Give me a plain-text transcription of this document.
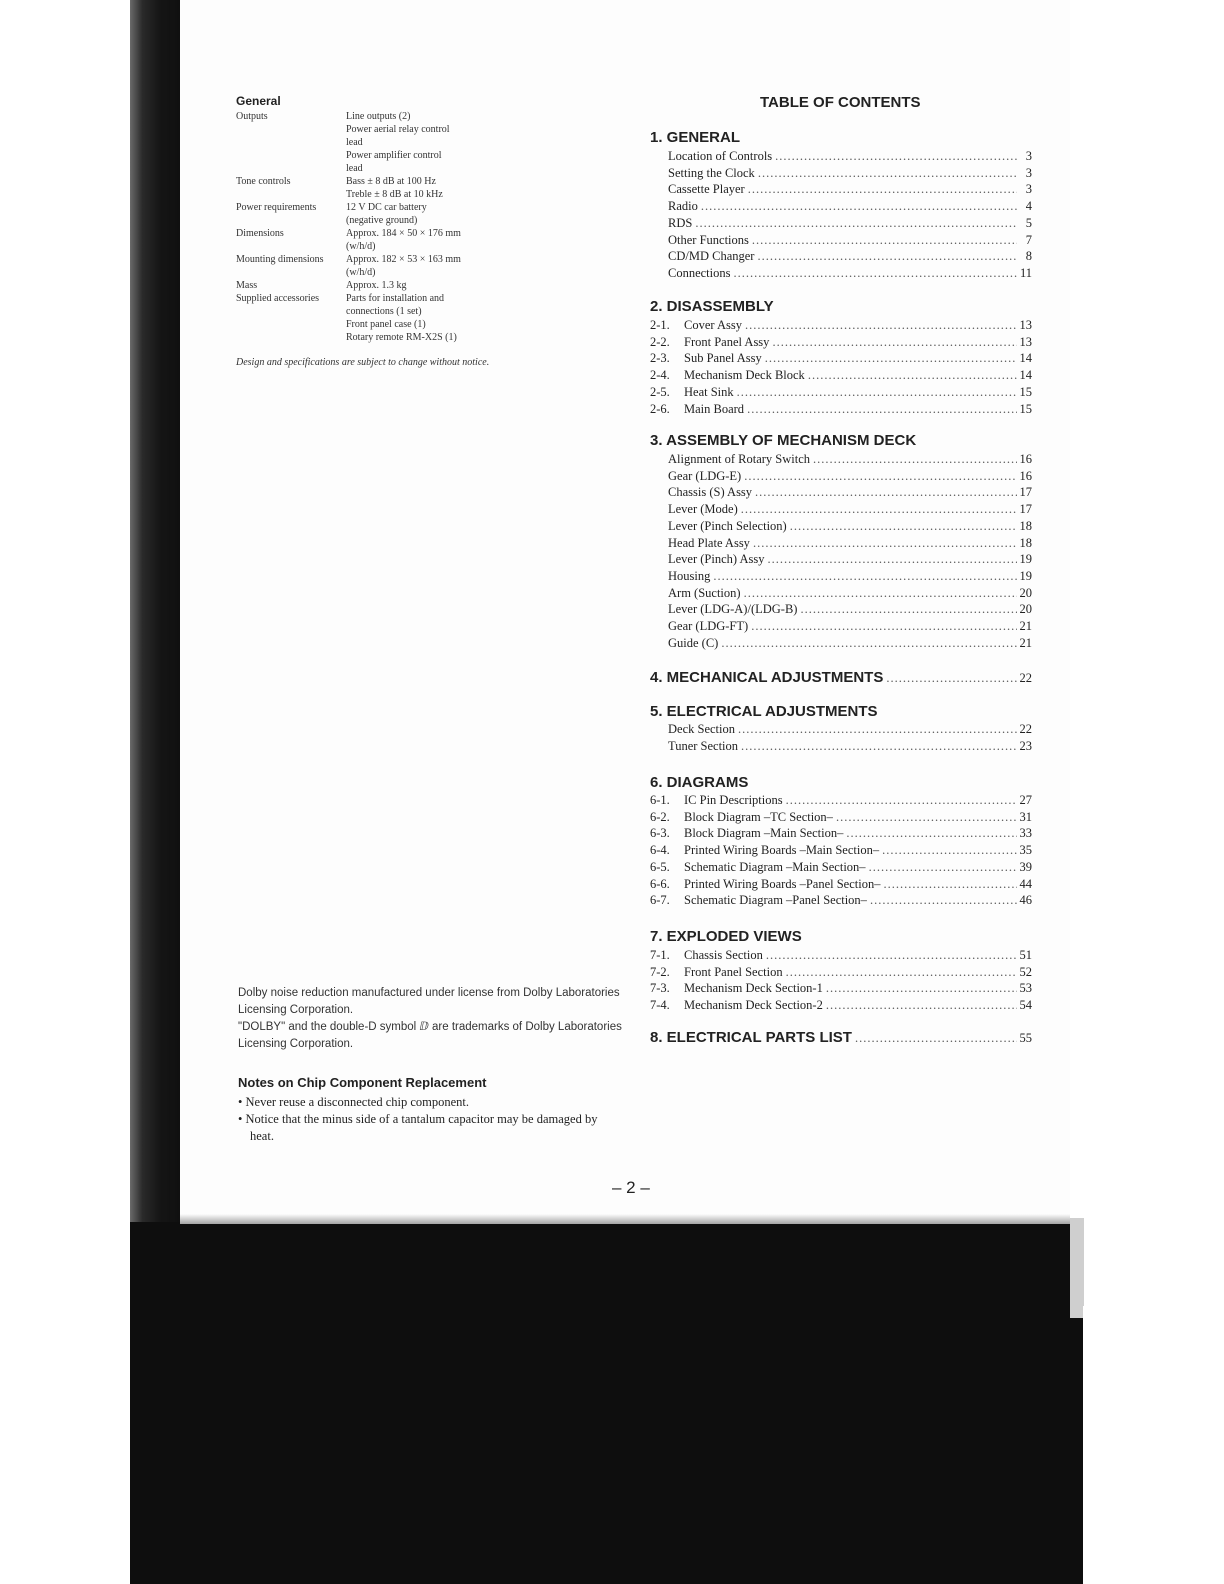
General
Outputs	Line outputs (2)
Power aerial relay control
lead
Power amplifier control
lead
Tone controls	Bass ± 8 dB at 100 Hz
Treble ± 8 dB at 10 kHz
Power requirements	12 V DC car battery
(negative ground)
Dimensions	Approx. 184 × 50 × 176 mm
(w/h/d)
Mounting dimensions Approx. 182 × 53 × 163 mm
(w/h/d)
Mass	Approx. 1.3 kg
Supplied accessories	Parts for installation and
connections (1 set)
Front panel case (1)
Rotary remote RM-X2S (1)
Design and specifications are subject to change without notice.
Dolby noise reduction manufactured under license from Dolby Laboratories Licensing Corporation.
"DOLBY" and the double-D symbol ⅅ are trademarks of Dolby Laboratories Licensing Corporation.
Notes on Chip Component Replacement
• Never reuse a disconnected chip component.
• Notice that the minus side of a tantalum capacitor may be damaged by heat.
TABLE OF CONTENTS
1. GENERAL
Location of Controls .....	3
Setting the Clock .....	3
Cassette Player .....	3
Radio .....	4
RDS .....	5
Other Functions .....	7
CD/MD Changer .....	8
Connections .....	11
2. DISASSEMBLY
2-1.	Cover Assy .....	13
2-2.	Front Panel Assy .....	13
2-3.	Sub Panel Assy .....	14
2-4.	Mechanism Deck Block .....	14
2-5.	Heat Sink .....	15
2-6.	Main Board .....	15
3. ASSEMBLY OF MECHANISM DECK
Alignment of Rotary Switch .....	16
Gear (LDG-E) .....	16
Chassis (S) Assy .....	17
Lever (Mode) .....	17
Lever (Pinch Selection) .....	18
Head Plate Assy .....	18
Lever (Pinch) Assy .....	19
Housing .....	19
Arm (Suction) .....	20
Lever (LDG-A)/(LDG-B) .....	20
Gear (LDG-FT) .....	21
Guide (C) .....	21
4. MECHANICAL ADJUSTMENTS .....	22
5. ELECTRICAL ADJUSTMENTS
Deck Section .....	22
Tuner Section .....	23
6. DIAGRAMS
6-1.	IC Pin Descriptions .....	27
6-2.	Block Diagram –TC Section– .....	31
6-3.	Block Diagram –Main Section– .....	33
6-4.	Printed Wiring Boards –Main Section– .....	35
6-5.	Schematic Diagram –Main Section– .....	39
6-6.	Printed Wiring Boards –Panel Section– .....	44
6-7.	Schematic Diagram –Panel Section– .....	46
7. EXPLODED VIEWS
7-1.	Chassis Section .....	51
7-2.	Front Panel Section .....	52
7-3.	Mechanism Deck Section-1 .....	53
7-4.	Mechanism Deck Section-2 .....	54
8. ELECTRICAL PARTS LIST .....	55
– 2 –
